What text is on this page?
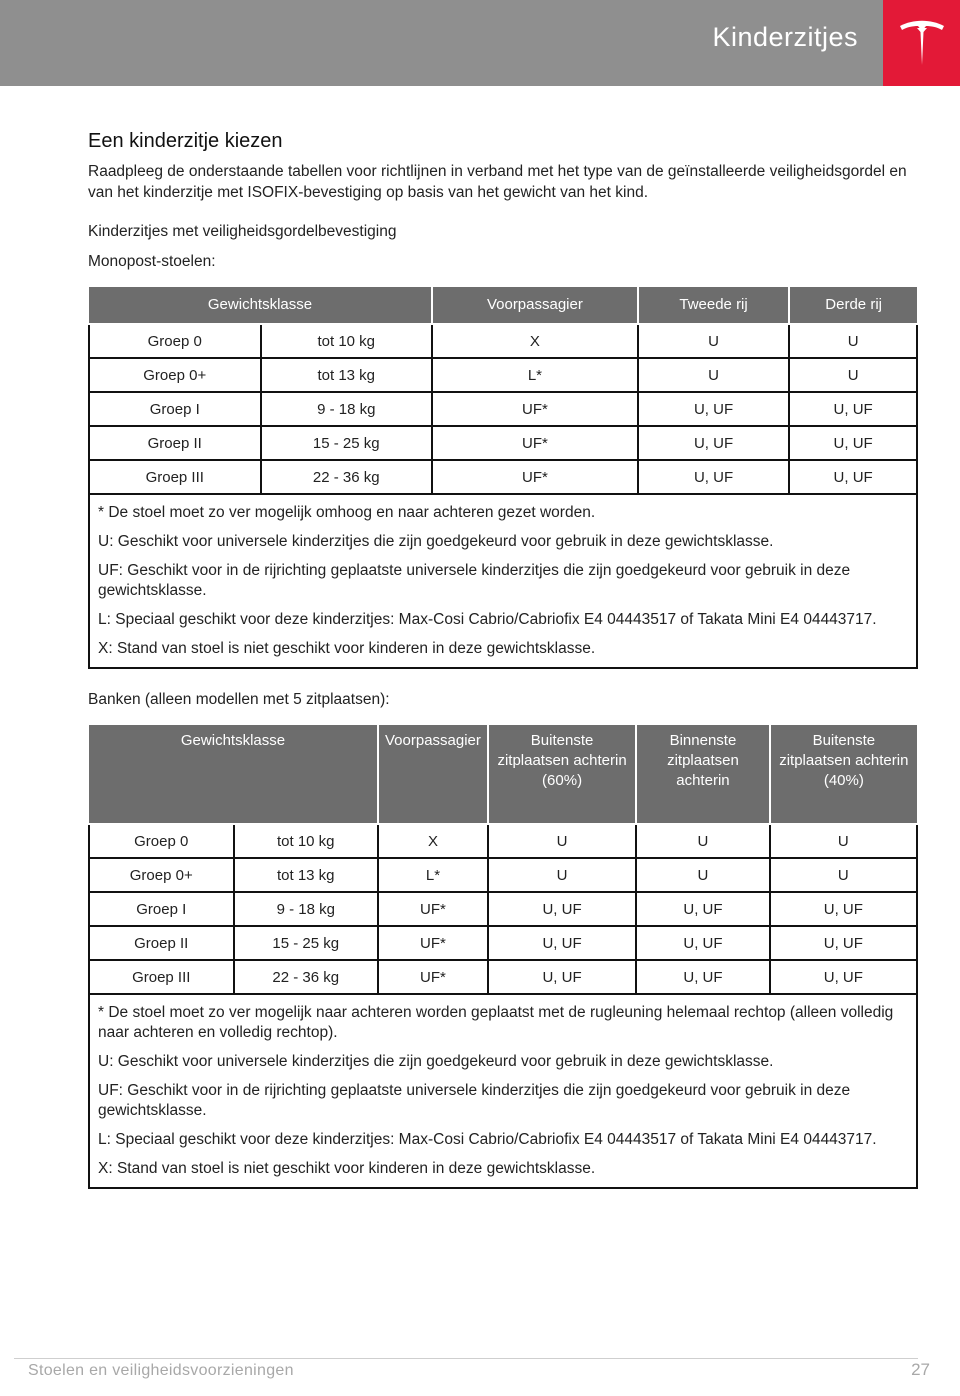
Kinderzitjes
Een kinderzitje kiezen

Raadpleeg de onderstaande tabellen voor richtlijnen in verband met het type van de geïnstalleerde veiligheidsgordel en van het kinderzitje met ISOFIX-bevestiging op basis van het gewicht van het kind.

Kinderzitjes met veiligheidsgordelbevestiging

Monopost-stoelen:

Gewichtsklasse		Voorpassagier	Tweede rij	Derde rij
Groep 0	tot 10 kg	X	U	U
Groep 0+	tot 13 kg	L*	U	U
Groep I	9 - 18 kg	UF*	U, UF	U, UF
Groep II	15 - 25 kg	UF*	U, UF	U, UF
Groep III	22 - 36 kg	UF*	U, UF	U, UF

* De stoel moet zo ver mogelijk omhoog en naar achteren gezet worden.

U: Geschikt voor universele kinderzitjes die zijn goedgekeurd voor gebruik in deze gewichtsklasse.

UF: Geschikt voor in de rijrichting geplaatste universele kinderzitjes die zijn goedgekeurd voor gebruik in deze gewichtsklasse.

L: Speciaal geschikt voor deze kinderzitjes: Max-Cosi Cabrio/Cabriofix E4 04443517 of Takata Mini E4 04443717.

X: Stand van stoel is niet geschikt voor kinderen in deze gewichtsklasse.				

Banken (alleen modellen met 5 zitplaatsen):

Gewichtsklasse		Voorpassagier	Buitenste zitplaatsen achterin (60%)	Binnenste zitplaatsen achterin	Buitenste zitplaatsen achterin (40%)
Groep 0	tot 10 kg	X	U	U	U
Groep 0+	tot 13 kg	L*	U	U	U
Groep I	9 - 18 kg	UF*	U, UF	U, UF	U, UF
Groep II	15 - 25 kg	UF*	U, UF	U, UF	U, UF
Groep III	22 - 36 kg	UF*	U, UF	U, UF	U, UF

* De stoel moet zo ver mogelijk naar achteren worden geplaatst met de rugleuning helemaal rechtop (alleen volledig naar achteren en volledig rechtop).

U: Geschikt voor universele kinderzitjes die zijn goedgekeurd voor gebruik in deze gewichtsklasse.

UF: Geschikt voor in de rijrichting geplaatste universele kinderzitjes die zijn goedgekeurd voor gebruik in deze gewichtsklasse.

L: Speciaal geschikt voor deze kinderzitjes: Max-Cosi Cabrio/Cabriofix E4 04443517 of Takata Mini E4 04443717.

X: Stand van stoel is niet geschikt voor kinderen in deze gewichtsklasse.					

Stoelen en veiligheidsvoorzieningen	27
